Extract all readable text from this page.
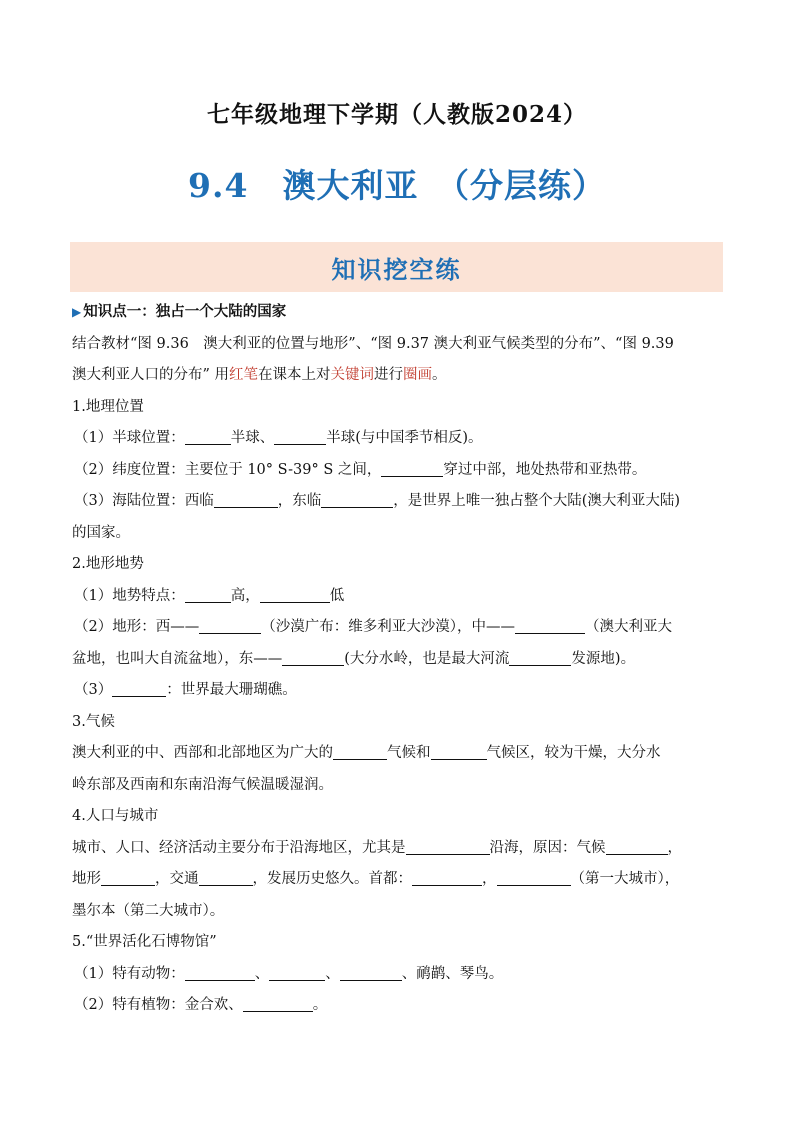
七年级地理下学期（人教版2024）
9.4　澳大利亚　（分层练）
知识挖空练
▶ 知识点一：独占一个大陆的国家
结合教材“图 9.36　澳大利亚的位置与地形”、“图 9.37 澳大利亚气候类型的分布”、“图 9.39
澳大利亚人口的分布” 用红笔在课本上对关键词进行圈画。
1.地理位置
（1）半球位置：	半球、	半球(与中国季节相反)。
（2）纬度位置：主要位于 10° S-39° S 之间，	穿过中部，地处热带和亚热带。
（3）海陆位置：西临	，东临	，是世界上唯一独占整个大陆(澳大利亚大陆)
的国家。
2.地形地势
（1）地势特点：	高，	低
（2）地形：西——	（沙漠广布：维多利亚大沙漠），中——	（澳大利亚大
盆地，也叫大自流盆地），东——	(大分水岭，也是最大河流	发源地)。
（3）	：世界最大珊瑚礁。
3.气候
澳大利亚的中、西部和北部地区为广大的	气候和	气候区，较为干燥，大分水
岭东部及西南和东南沿海气候温暖湿润。
4.人口与城市
城市、人口、经济活动主要分布于沿海地区，尤其是	沿海，原因：气候	，
地形	，交通	，发展历史悠久。首都：	，	（第一大城市），
墨尔本（第二大城市）。
5.“世界活化石博物馆”
（1）特有动物：	、	、	、鸸鹋、琴鸟。
（2）特有植物：金合欢、	。
